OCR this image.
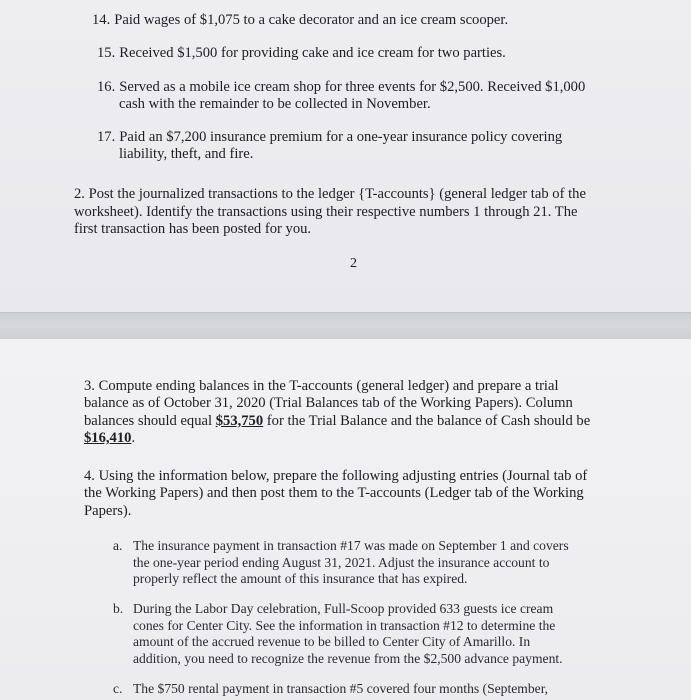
14. Paid wages of $1,075 to a cake decorator and an ice cream scooper.
15. Received $1,500 for providing cake and ice cream for two parties.
16. Served as a mobile ice cream shop for three events for $2,500. Received $1,000
cash with the remainder to be collected in November.
17. Paid an $7,200 insurance premium for a one-year insurance policy covering
liability, theft, and fire.
2. Post the journalized transactions to the ledger {T-accounts} (general ledger tab of the
worksheet). Identify the transactions using their respective numbers 1 through 21. The
first transaction has been posted for you.
2
3. Compute ending balances in the T-accounts (general ledger) and prepare a trial
balance as of October 31, 2020 (Trial Balances tab of the Working Papers). Column
balances should equal $53,750 for the Trial Balance and the balance of Cash should be
$16,410.
4. Using the information below, prepare the following adjusting entries (Journal tab of
the Working Papers) and then post them to the T-accounts (Ledger tab of the Working
Papers).
a. The insurance payment in transaction #17 was made on September 1 and covers
the one-year period ending August 31, 2021. Adjust the insurance account to
properly reflect the amount of this insurance that has expired.
b. During the Labor Day celebration, Full-Scoop provided 633 guests ice cream
cones for Center City. See the information in transaction #12 to determine the
amount of the accrued revenue to be billed to Center City of Amarillo. In
addition, you need to recognize the revenue from the $2,500 advance payment.
c. The $750 rental payment in transaction #5 covered four months (September,
